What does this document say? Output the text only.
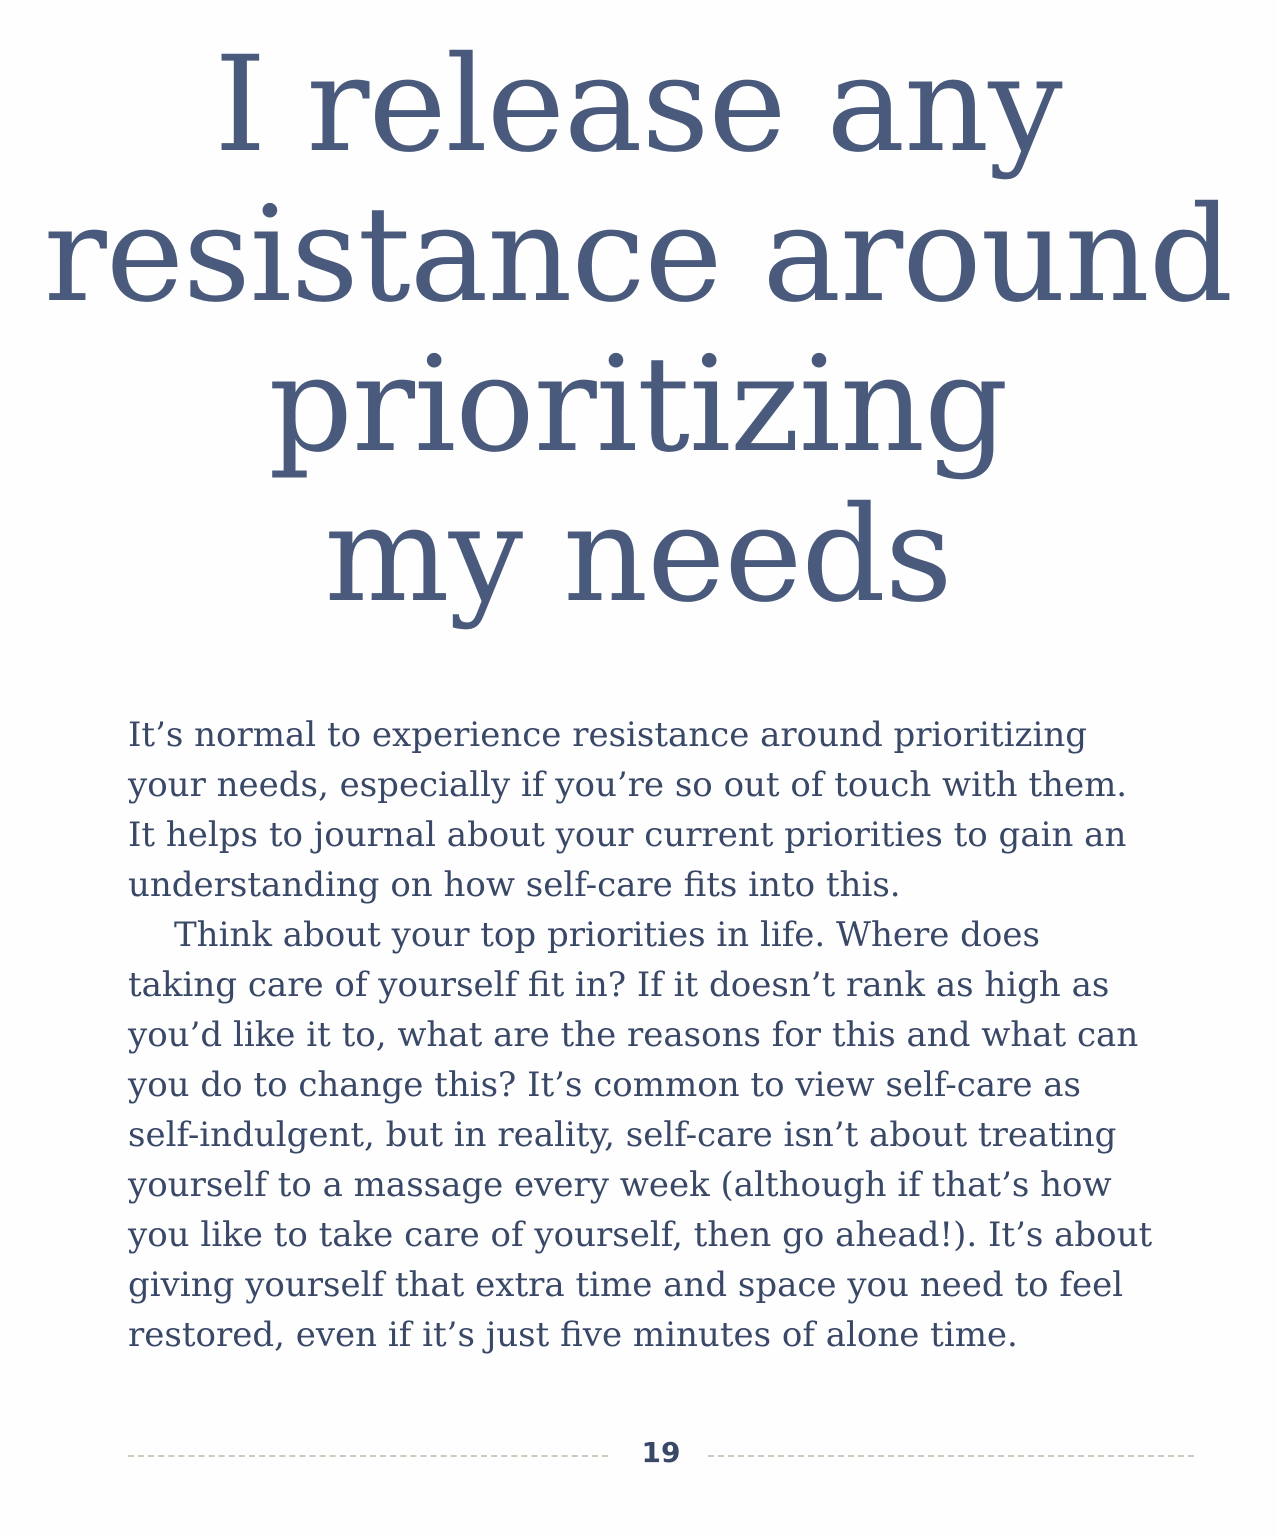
I release any
resistance around
prioritizing
my needs

It’s normal to experience resistance around prioritizing
your needs, especially if you’re so out of touch with them.
It helps to journal about your current priorities to gain an
understanding on how self-care fits into this.

Think about your top priorities in life. Where does
taking care of yourself fit in? If it doesn’t rank as high as
you’d like it to, what are the reasons for this and what can
you do to change this? It’s common to view self-care as
self-indulgent, but in reality, self-care isn’t about treating
yourself to a massage every week (although if that’s how
you like to take care of yourself, then go ahead!). It’s about
giving yourself that extra time and space you need to feel
restored, even if it’s just five minutes of alone time.

19
